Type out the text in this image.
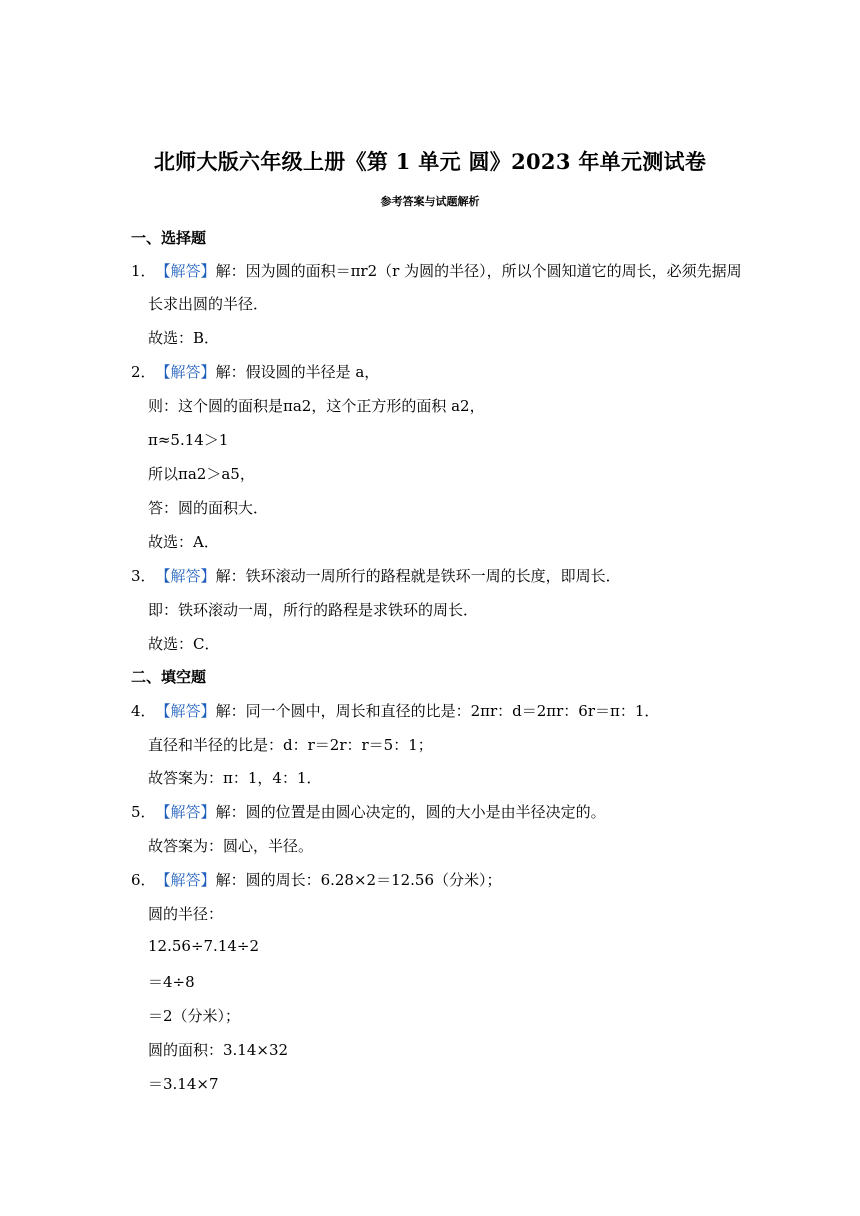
北师大版六年级上册《第 1 单元 圆》2023 年单元测试卷
参考答案与试题解析
一、选择题
1．【解答】解：因为圆的面积＝πr2（r 为圆的半径），所以个圆知道它的周长，必须先据周
长求出圆的半径．
故选：B．
2．【解答】解：假设圆的半径是 a，
则：这个圆的面积是πa2，这个正方形的面积 a2，
π≈5.14＞1
所以πa2＞a5，
答：圆的面积大．
故选：A．
3．【解答】解：铁环滚动一周所行的路程就是铁环一周的长度，即周长．
即：铁环滚动一周，所行的路程是求铁环的周长．
故选：C．
二、填空题
4．【解答】解：同一个圆中，周长和直径的比是：2πr：d＝2πr：6r＝π：1．
直径和半径的比是：d：r＝2r：r＝5：1；
故答案为：π：1，4：1．
5．【解答】解：圆的位置是由圆心决定的，圆的大小是由半径决定的。
故答案为：圆心，半径。
6．【解答】解：圆的周长：6.28×2＝12.56（分米）；
圆的半径：
12.56÷7.14÷2
＝4÷8
＝2（分米）；
圆的面积：3.14×32
＝3.14×7
